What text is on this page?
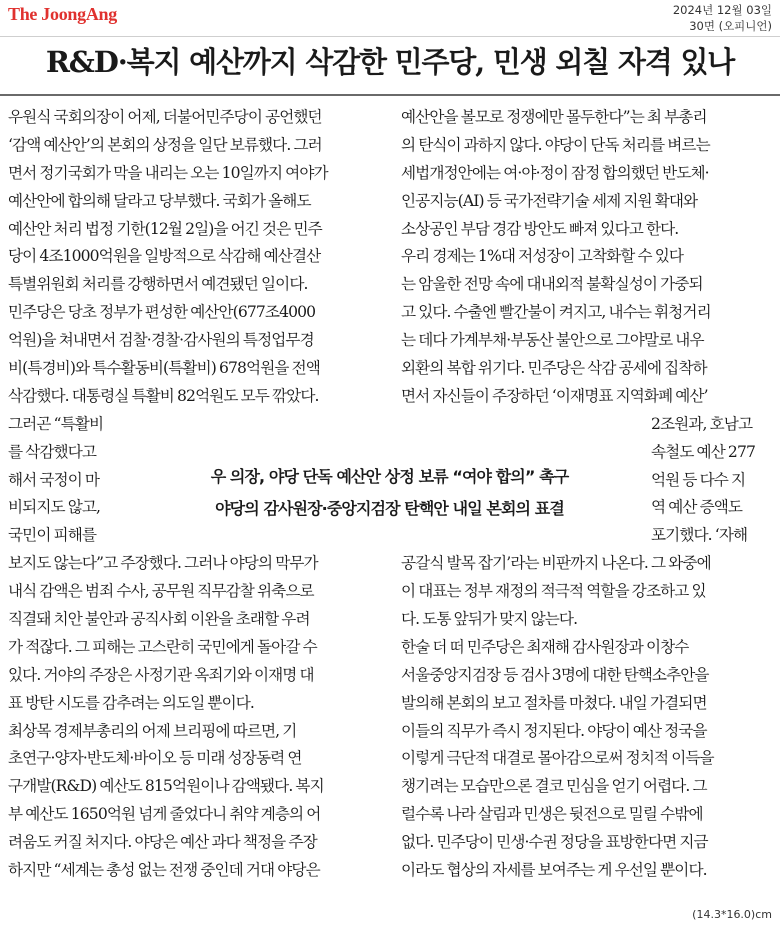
The JoongAng	2024년 12월 03일
30면 (오피니언)
R&D·복지 예산까지 삭감한 민주당, 민생 외칠 자격 있나
우원식 국회의장이 어제, 더불어민주당이 공언했던
‘감액 예산안’의 본회의 상정을 일단 보류했다. 그러
면서 정기국회가 막을 내리는 오는 10일까지 여야가
예산안에 합의해 달라고 당부했다. 국회가 올해도
예산안 처리 법정 기한(12월 2일)을 어긴 것은 민주
당이 4조1000억원을 일방적으로 삭감해 예산결산
특별위원회 처리를 강행하면서 예견됐던 일이다.
민주당은 당초 정부가 편성한 예산안(677조4000
억원)을 쳐내면서 검찰·경찰·감사원의 특정업무경
비(특경비)와 특수활동비(특활비) 678억원을 전액
삭감했다. 대통령실 특활비 82억원도 모두 깎았다.
그러곤 “특활비
를 삭감했다고
해서 국정이 마
비되지도 않고,
국민이 피해를
보지도 않는다”고 주장했다. 그러나 야당의 막무가
내식 감액은 범죄 수사, 공무원 직무감찰 위축으로
직결돼 치안 불안과 공직사회 이완을 초래할 우려
가 적잖다. 그 피해는 고스란히 국민에게 돌아갈 수
있다. 거야의 주장은 사정기관 옥죄기와 이재명 대
표 방탄 시도를 감추려는 의도일 뿐이다.
최상목 경제부총리의 어제 브리핑에 따르면, 기
초연구·양자·반도체·바이오 등 미래 성장동력 연
구개발(R&D) 예산도 815억원이나 감액됐다. 복지
부 예산도 1650억원 넘게 줄었다니 취약 계층의 어
려움도 커질 처지다. 야당은 예산 과다 책정을 주장
하지만 “세계는 총성 없는 전쟁 중인데 거대 야당은
예산안을 볼모로 정쟁에만 몰두한다”는 최 부총리
의 탄식이 과하지 않다. 야당이 단독 처리를 벼르는
세법개정안에는 여·야·정이 잠정 합의했던 반도체·
인공지능(AI) 등 국가전략기술 세제 지원 확대와
소상공인 부담 경감 방안도 빠져 있다고 한다.
우리 경제는 1%대 저성장이 고착화할 수 있다
는 암울한 전망 속에 대내외적 불확실성이 가중되
고 있다. 수출엔 빨간불이 켜지고, 내수는 휘청거리
는 데다 가계부채·부동산 불안으로 그야말로 내우
외환의 복합 위기다. 민주당은 삭감 공세에 집착하
면서 자신들이 주장하던 ‘이재명표 지역화폐 예산’
2조원과, 호남고
속철도 예산 277
억원 등 다수 지
역 예산 증액도
포기했다. ‘자해
공갈식 발목 잡기’라는 비판까지 나온다. 그 와중에
이 대표는 정부 재정의 적극적 역할을 강조하고 있
다. 도통 앞뒤가 맞지 않는다.
한술 더 떠 민주당은 최재해 감사원장과 이창수
서울중앙지검장 등 검사 3명에 대한 탄핵소추안을
발의해 본회의 보고 절차를 마쳤다. 내일 가결되면
이들의 직무가 즉시 정지된다. 야당이 예산 정국을
이렇게 극단적 대결로 몰아감으로써 정치적 이득을
챙기려는 모습만으론 결코 민심을 얻기 어렵다. 그
럴수록 나라 살림과 민생은 뒷전으로 밀릴 수밖에
없다. 민주당이 민생·수권 정당을 표방한다면 지금
이라도 협상의 자세를 보여주는 게 우선일 뿐이다.
우 의장, 야당 단독 예산안 상정 보류 “여야 합의” 촉구
야당의 감사원장·중앙지검장 탄핵안 내일 본회의 표결
(14.3*16.0)cm
